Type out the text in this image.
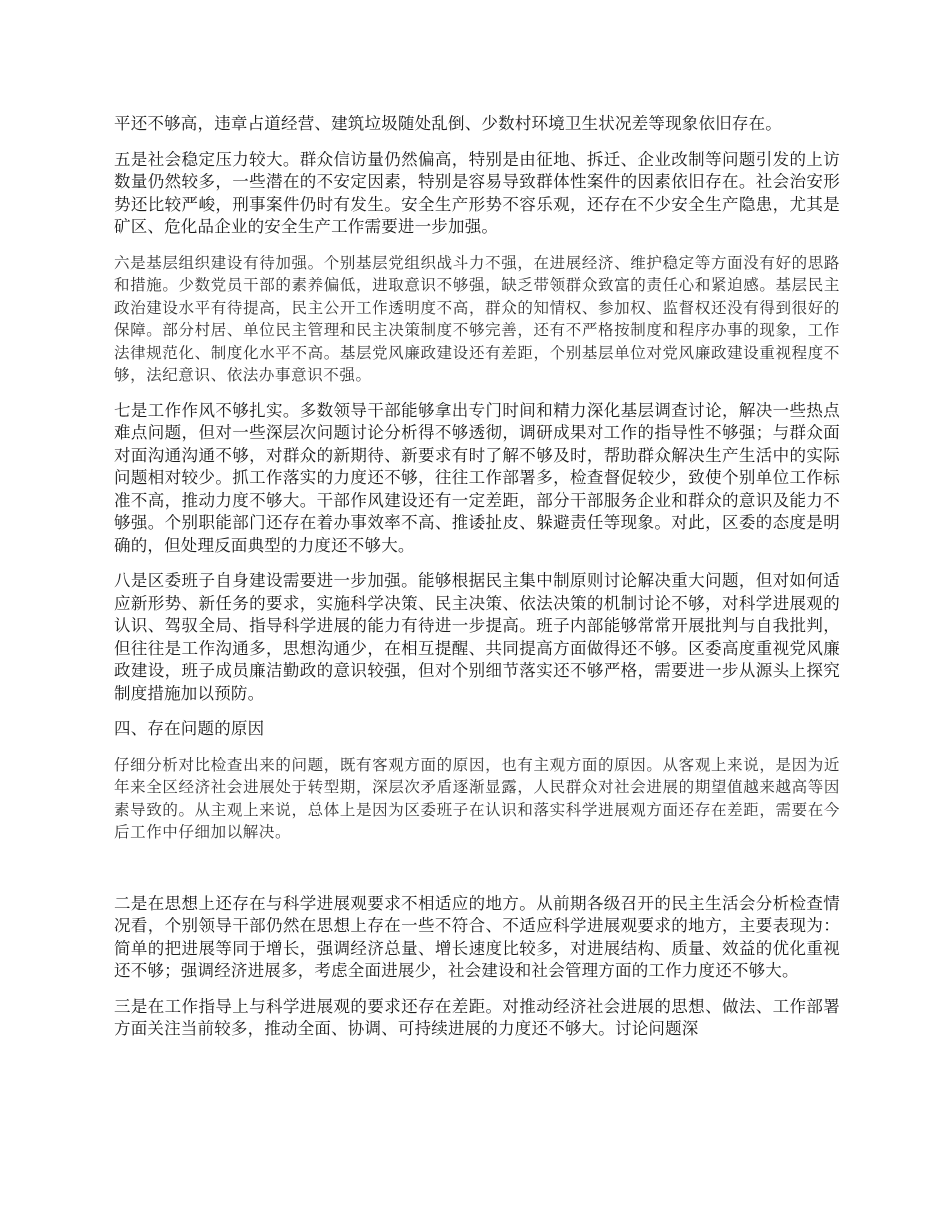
平还不够高，违章占道经营、建筑垃圾随处乱倒、少数村环境卫生状况差等现象依旧存在。

五是社会稳定压力较大。群众信访量仍然偏高，特别是由征地、拆迁、企业改制等问题引发的上访数量仍然较多，一些潜在的不安定因素，特别是容易导致群体性案件的因素依旧存在。社会治安形势还比较严峻，刑事案件仍时有发生。安全生产形势不容乐观，还存在不少安全生产隐患，尤其是矿区、危化品企业的安全生产工作需要进一步加强。

六是基层组织建设有待加强。个别基层党组织战斗力不强，在进展经济、维护稳定等方面没有好的思路和措施。少数党员干部的素养偏低，进取意识不够强，缺乏带领群众致富的责任心和紧迫感。基层民主政治建设水平有待提高，民主公开工作透明度不高，群众的知情权、参加权、监督权还没有得到很好的保障。部分村居、单位民主管理和民主决策制度不够完善，还有不严格按制度和程序办事的现象，工作法律规范化、制度化水平不高。基层党风廉政建设还有差距，个别基层单位对党风廉政建设重视程度不够，法纪意识、依法办事意识不强。

七是工作作风不够扎实。多数领导干部能够拿出专门时间和精力深化基层调查讨论，解决一些热点难点问题，但对一些深层次问题讨论分析得不够透彻，调研成果对工作的指导性不够强；与群众面对面沟通沟通不够，对群众的新期待、新要求有时了解不够及时，帮助群众解决生产生活中的实际问题相对较少。抓工作落实的力度还不够，往往工作部署多，检查督促较少，致使个别单位工作标准不高，推动力度不够大。干部作风建设还有一定差距，部分干部服务企业和群众的意识及能力不够强。个别职能部门还存在着办事效率不高、推诿扯皮、躲避责任等现象。对此，区委的态度是明确的，但处理反面典型的力度还不够大。

八是区委班子自身建设需要进一步加强。能够根据民主集中制原则讨论解决重大问题，但对如何适应新形势、新任务的要求，实施科学决策、民主决策、依法决策的机制讨论不够，对科学进展观的认识、驾驭全局、指导科学进展的能力有待进一步提高。班子内部能够常常开展批判与自我批判，但往往是工作沟通多，思想沟通少，在相互提醒、共同提高方面做得还不够。区委高度重视党风廉政建设，班子成员廉洁勤政的意识较强，但对个别细节落实还不够严格，需要进一步从源头上探究制度措施加以预防。

四、存在问题的原因

仔细分析对比检查出来的问题，既有客观方面的原因，也有主观方面的原因。从客观上来说，是因为近年来全区经济社会进展处于转型期，深层次矛盾逐渐显露，人民群众对社会进展的期望值越来越高等因素导致的。从主观上来说，总体上是因为区委班子在认识和落实科学进展观方面还存在差距，需要在今后工作中仔细加以解决。

二是在思想上还存在与科学进展观要求不相适应的地方。从前期各级召开的民主生活会分析检查情况看，个别领导干部仍然在思想上存在一些不符合、不适应科学进展观要求的地方，主要表现为：简单的把进展等同于增长，强调经济总量、增长速度比较多，对进展结构、质量、效益的优化重视还不够；强调经济进展多，考虑全面进展少，社会建设和社会管理方面的工作力度还不够大。

三是在工作指导上与科学进展观的要求还存在差距。对推动经济社会进展的思想、做法、工作部署方面关注当前较多，推动全面、协调、可持续进展的力度还不够大。讨论问题深
